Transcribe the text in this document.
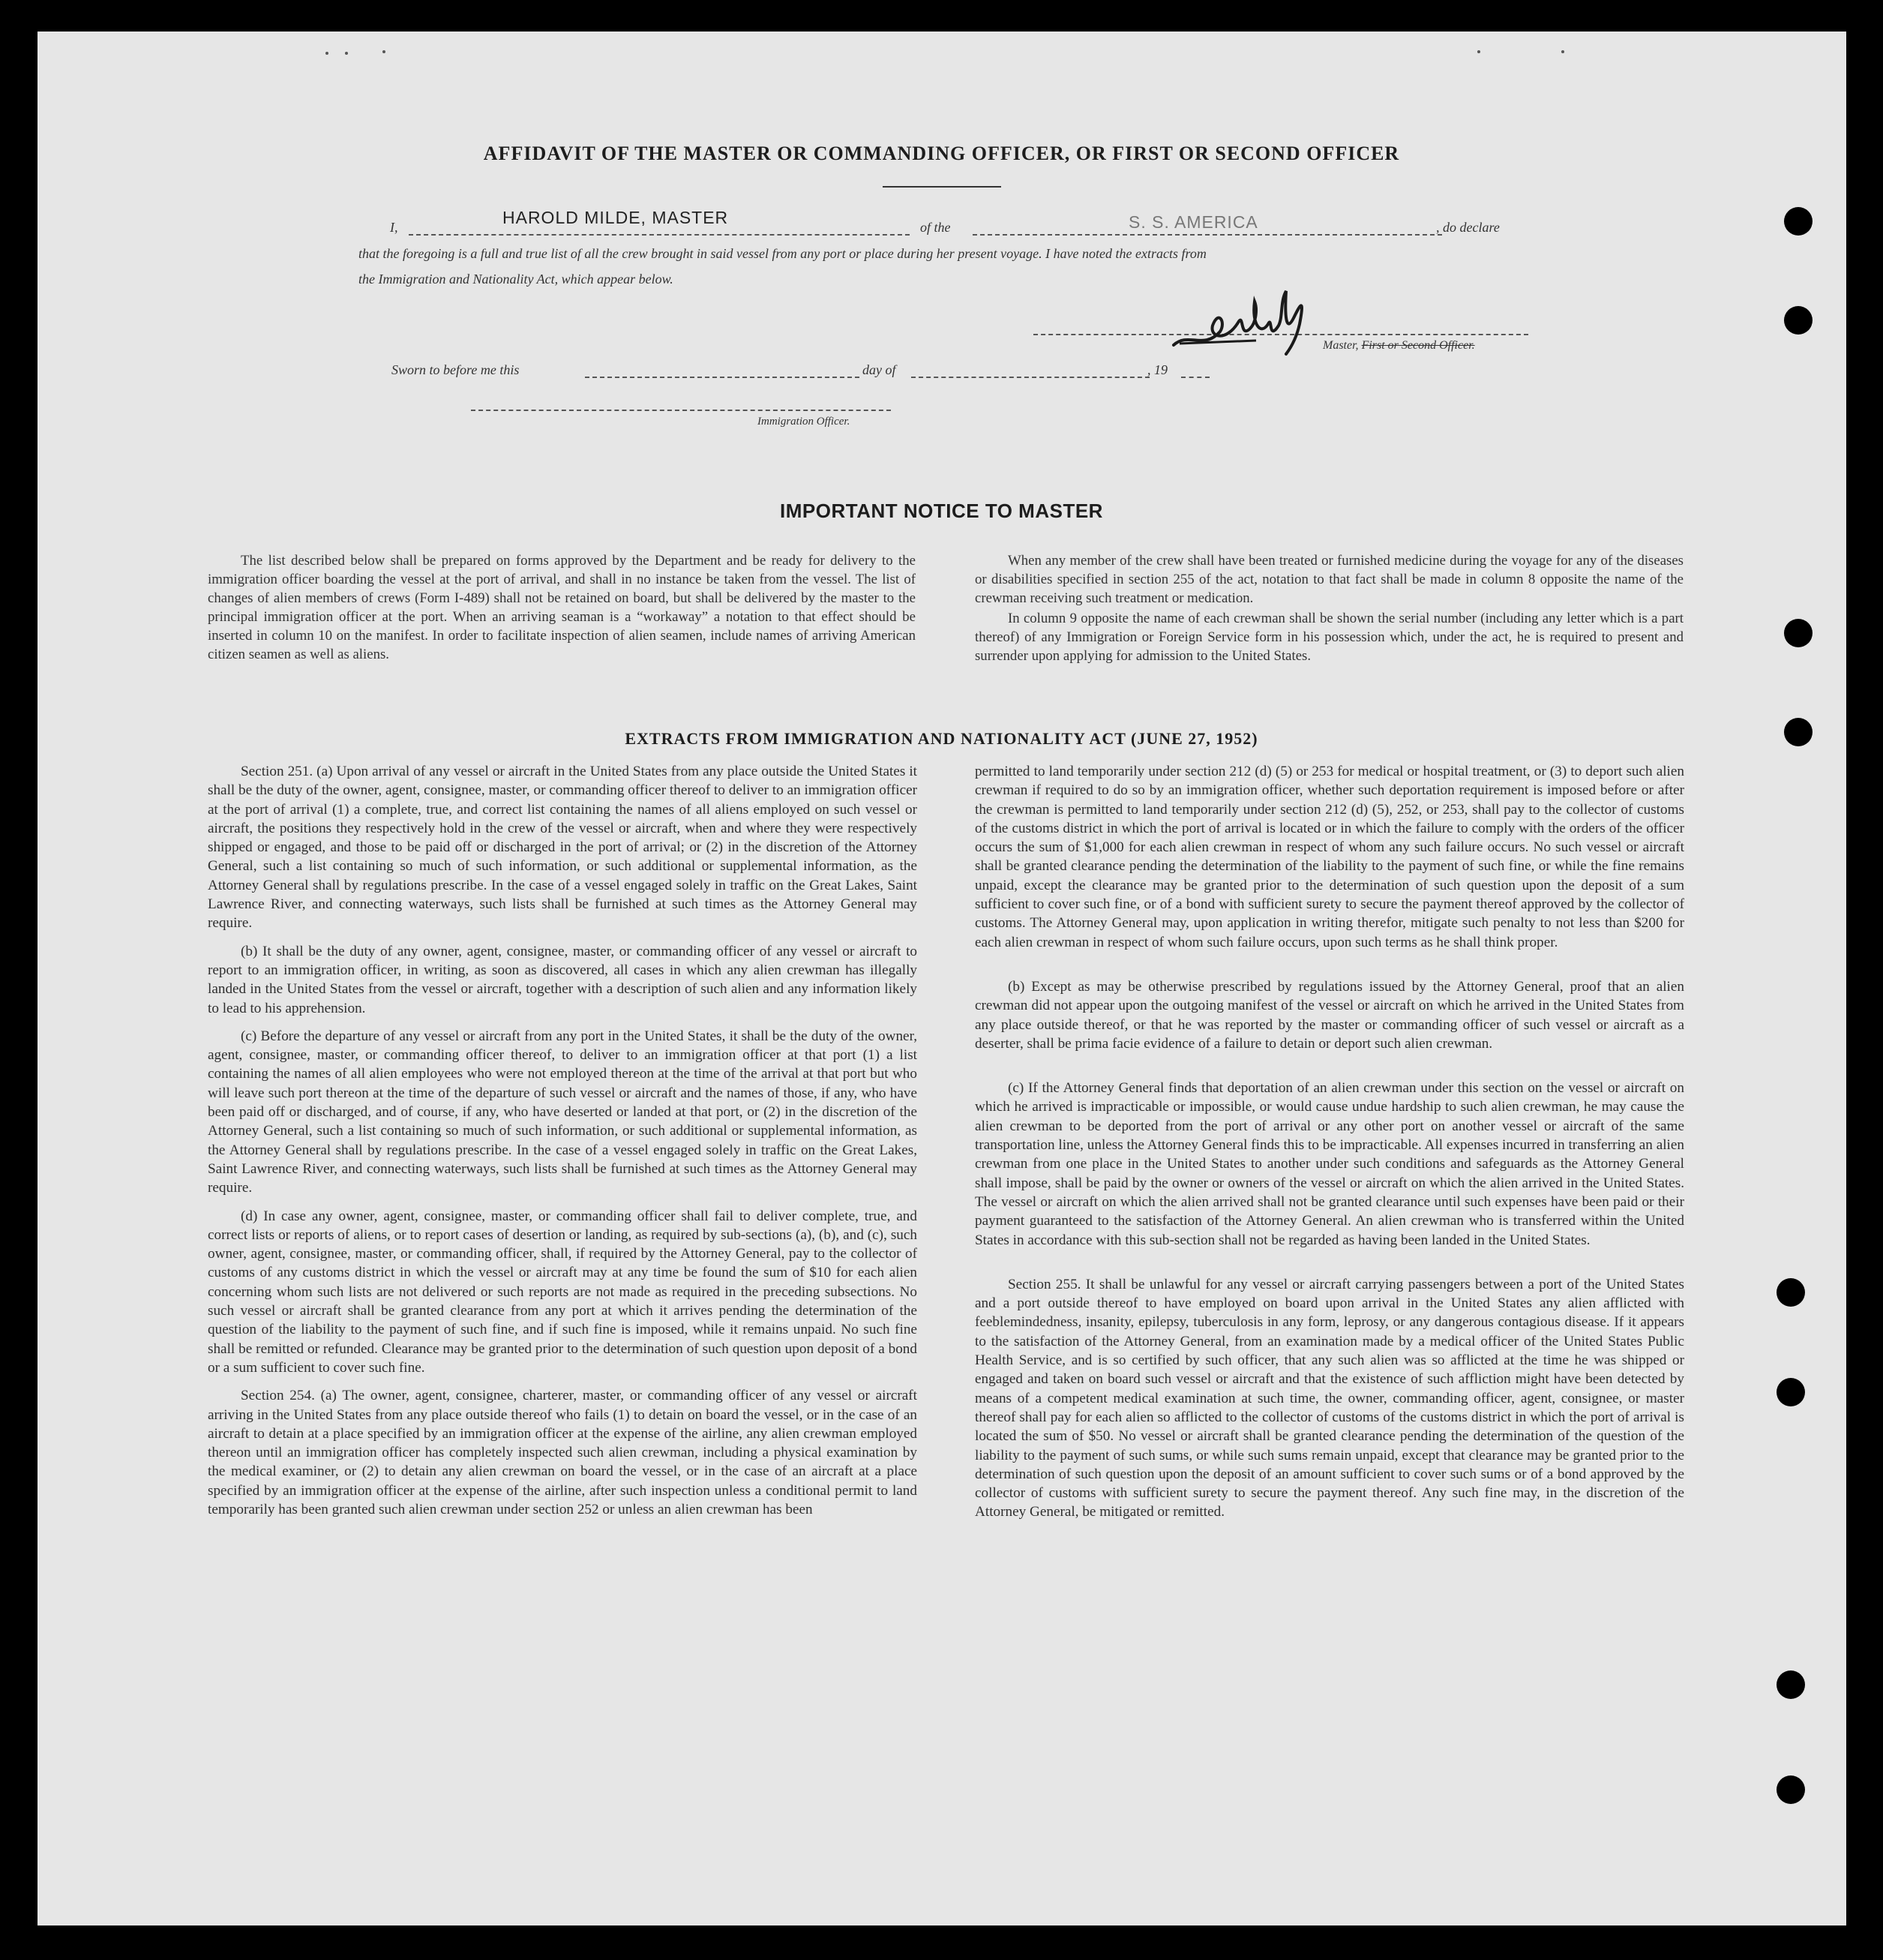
AFFIDAVIT OF THE MASTER OR COMMANDING OFFICER, OR FIRST OR SECOND OFFICER
I,	HAROLD MILDE, MASTER	of the	S. S. AMERICA	, do declare
that the foregoing is a full and true list of all the crew brought in said vessel from any port or place during her present voyage. I have noted the extracts from
the Immigration and Nationality Act, which appear below.
Master, First or Second Officer.
Sworn to before me this	day of	, 19
Immigration Officer.
IMPORTANT NOTICE TO MASTER

The list described below shall be prepared on forms approved by the Department and be ready for delivery to the immigration officer boarding the vessel at the port of arrival, and shall in no instance be taken from the vessel. The list of changes of alien members of crews (Form I-489) shall not be retained on board, but shall be delivered by the master to the principal immigration officer at the port. When an arriving seaman is a “workaway” a notation to that effect should be inserted in column 10 on the manifest. In order to facilitate inspection of alien seamen, include names of arriving American citizen seamen as well as aliens.

When any member of the crew shall have been treated or furnished medicine during the voyage for any of the diseases or disabilities specified in section 255 of the act, notation to that fact shall be made in column 8 opposite the name of the crewman receiving such treatment or medication.

In column 9 opposite the name of each crewman shall be shown the serial number (including any letter which is a part thereof) of any Immigration or Foreign Service form in his possession which, under the act, he is required to present and surrender upon applying for admission to the United States.

EXTRACTS FROM IMMIGRATION AND NATIONALITY ACT (JUNE 27, 1952)

Section 251. (a) Upon arrival of any vessel or aircraft in the United States from any place outside the United States it shall be the duty of the owner, agent, consignee, master, or commanding officer thereof to deliver to an immigration officer at the port of arrival (1) a complete, true, and correct list containing the names of all aliens employed on such vessel or aircraft, the positions they respectively hold in the crew of the vessel or aircraft, when and where they were respectively shipped or engaged, and those to be paid off or discharged in the port of arrival; or (2) in the discretion of the Attorney General, such a list containing so much of such information, or such additional or supplemental information, as the Attorney General shall by regulations prescribe. In the case of a vessel engaged solely in traffic on the Great Lakes, Saint Lawrence River, and connecting waterways, such lists shall be furnished at such times as the Attorney General may require.

(b) It shall be the duty of any owner, agent, consignee, master, or commanding officer of any vessel or aircraft to report to an immigration officer, in writing, as soon as discovered, all cases in which any alien crewman has illegally landed in the United States from the vessel or aircraft, together with a description of such alien and any information likely to lead to his apprehension.

(c) Before the departure of any vessel or aircraft from any port in the United States, it shall be the duty of the owner, agent, consignee, master, or commanding officer thereof, to deliver to an immigration officer at that port (1) a list containing the names of all alien employees who were not employed thereon at the time of the arrival at that port but who will leave such port thereon at the time of the departure of such vessel or aircraft and the names of those, if any, who have been paid off or discharged, and of course, if any, who have deserted or landed at that port, or (2) in the discretion of the Attorney General, such a list containing so much of such information, or such additional or supplemental information, as the Attorney General shall by regulations prescribe. In the case of a vessel engaged solely in traffic on the Great Lakes, Saint Lawrence River, and connecting waterways, such lists shall be furnished at such times as the Attorney General may require.

(d) In case any owner, agent, consignee, master, or commanding officer shall fail to deliver complete, true, and correct lists or reports of aliens, or to report cases of desertion or landing, as required by sub-sections (a), (b), and (c), such owner, agent, consignee, master, or commanding officer, shall, if required by the Attorney General, pay to the collector of customs of any customs district in which the vessel or aircraft may at any time be found the sum of $10 for each alien concerning whom such lists are not delivered or such reports are not made as required in the preceding subsections. No such vessel or aircraft shall be granted clearance from any port at which it arrives pending the determination of the question of the liability to the payment of such fine, and if such fine is imposed, while it remains unpaid. No such fine shall be remitted or refunded. Clearance may be granted prior to the determination of such question upon deposit of a bond or a sum sufficient to cover such fine.

Section 254. (a) The owner, agent, consignee, charterer, master, or commanding officer of any vessel or aircraft arriving in the United States from any place outside thereof who fails (1) to detain on board the vessel, or in the case of an aircraft to detain at a place specified by an immigration officer at the expense of the airline, any alien crewman employed thereon until an immigration officer has completely inspected such alien crewman, including a physical examination by the medical examiner, or (2) to detain any alien crewman on board the vessel, or in the case of an aircraft at a place specified by an immigration officer at the expense of the airline, after such inspection unless a conditional permit to land temporarily has been granted such alien crewman under section 252 or unless an alien crewman has been

permitted to land temporarily under section 212 (d) (5) or 253 for medical or hospital treatment, or (3) to deport such alien crewman if required to do so by an immigration officer, whether such deportation requirement is imposed before or after the crewman is permitted to land temporarily under section 212 (d) (5), 252, or 253, shall pay to the collector of customs of the customs district in which the port of arrival is located or in which the failure to comply with the orders of the officer occurs the sum of $1,000 for each alien crewman in respect of whom any such failure occurs. No such vessel or aircraft shall be granted clearance pending the determination of the liability to the payment of such fine, or while the fine remains unpaid, except the clearance may be granted prior to the determination of such question upon the deposit of a sum sufficient to cover such fine, or of a bond with sufficient surety to secure the payment thereof approved by the collector of customs. The Attorney General may, upon application in writing therefor, mitigate such penalty to not less than $200 for each alien crewman in respect of whom such failure occurs, upon such terms as he shall think proper.

(b) Except as may be otherwise prescribed by regulations issued by the Attorney General, proof that an alien crewman did not appear upon the outgoing manifest of the vessel or aircraft on which he arrived in the United States from any place outside thereof, or that he was reported by the master or commanding officer of such vessel or aircraft as a deserter, shall be prima facie evidence of a failure to detain or deport such alien crewman.

(c) If the Attorney General finds that deportation of an alien crewman under this section on the vessel or aircraft on which he arrived is impracticable or impossible, or would cause undue hardship to such alien crewman, he may cause the alien crewman to be deported from the port of arrival or any other port on another vessel or aircraft of the same transportation line, unless the Attorney General finds this to be impracticable. All expenses incurred in transferring an alien crewman from one place in the United States to another under such conditions and safeguards as the Attorney General shall impose, shall be paid by the owner or owners of the vessel or aircraft on which the alien arrived in the United States. The vessel or aircraft on which the alien arrived shall not be granted clearance until such expenses have been paid or their payment guaranteed to the satisfaction of the Attorney General. An alien crewman who is transferred within the United States in accordance with this sub-section shall not be regarded as having been landed in the United States.

Section 255. It shall be unlawful for any vessel or aircraft carrying passengers between a port of the United States and a port outside thereof to have employed on board upon arrival in the United States any alien afflicted with feeblemindedness, insanity, epilepsy, tuberculosis in any form, leprosy, or any dangerous contagious disease. If it appears to the satisfaction of the Attorney General, from an examination made by a medical officer of the United States Public Health Service, and is so certified by such officer, that any such alien was so afflicted at the time he was shipped or engaged and taken on board such vessel or aircraft and that the existence of such affliction might have been detected by means of a competent medical examination at such time, the owner, commanding officer, agent, consignee, or master thereof shall pay for each alien so afflicted to the collector of customs of the customs district in which the port of arrival is located the sum of $50. No vessel or aircraft shall be granted clearance pending the determination of the question of the liability to the payment of such sums, or while such sums remain unpaid, except that clearance may be granted prior to the determination of such question upon the deposit of an amount sufficient to cover such sums or of a bond approved by the collector of customs with sufficient surety to secure the payment thereof. Any such fine may, in the discretion of the Attorney General, be mitigated or remitted.
